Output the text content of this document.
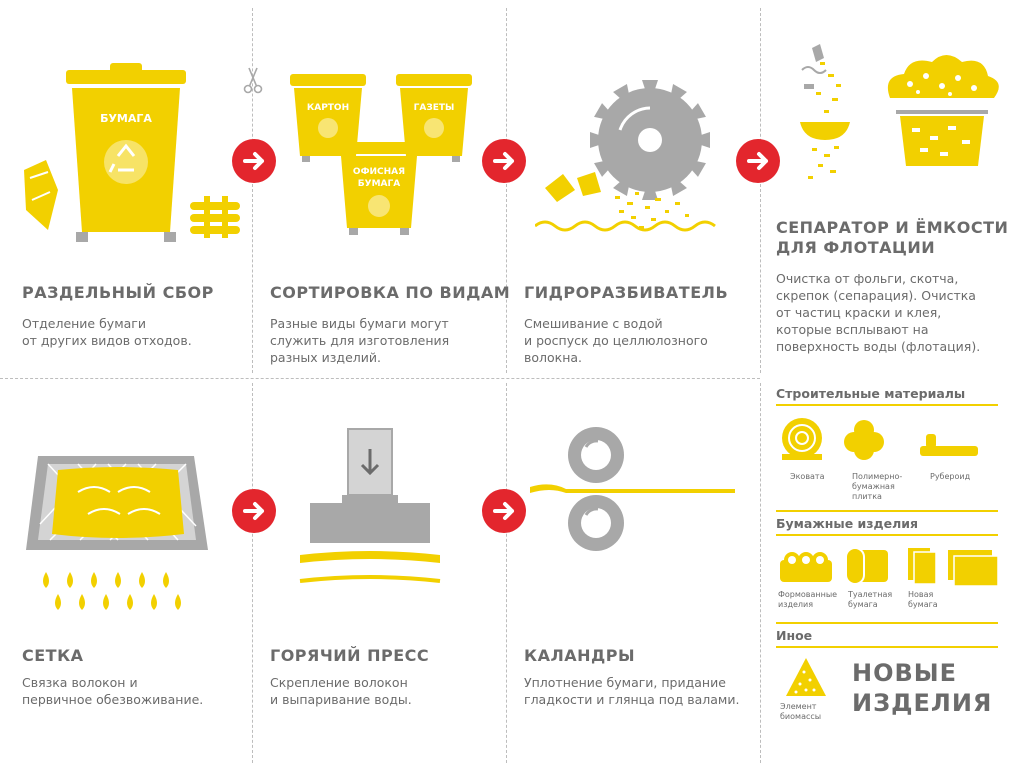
БУМАГА
РАЗДЕЛЬНЫЙ СБОР
Отделение бумаги
от других видов отходов.
КАРТОН	ГАЗЕТЫ
ОФИСНАЯ
БУМАГА
СОРТИРОВКА ПО ВИДАМ
Разные виды бумаги могут
служить для изготовления
разных изделий.
ГИДРОРАЗБИВАТЕЛЬ
Смешивание с водой
и роспуск до целлюлозного
волокна.
СЕПАРАТОР И ЁМКОСТИ
ДЛЯ ФЛОТАЦИИ
Очистка от фольги, скотча,
скрепок (сепарация). Очистка
от частиц краски и клея,
которые всплывают на
поверхность воды (флотация).
СЕТКА
Связка волокон и
первичное обезвоживание.
ГОРЯЧИЙ ПРЕСС
Скрепление волокон
и выпаривание воды.
КАЛАНДРЫ
Уплотнение бумаги, придание
гладкости и глянца под валами.
Строительные материалы
Эковата	Полимерно-
бумажная
плитка
Рубероид
Бумажные изделия
Формованные
изделия
Туалетная
бумага
Новая
бумага
Иное
Элемент
биомассы
НОВЫЕ
ИЗДЕЛИЯ
